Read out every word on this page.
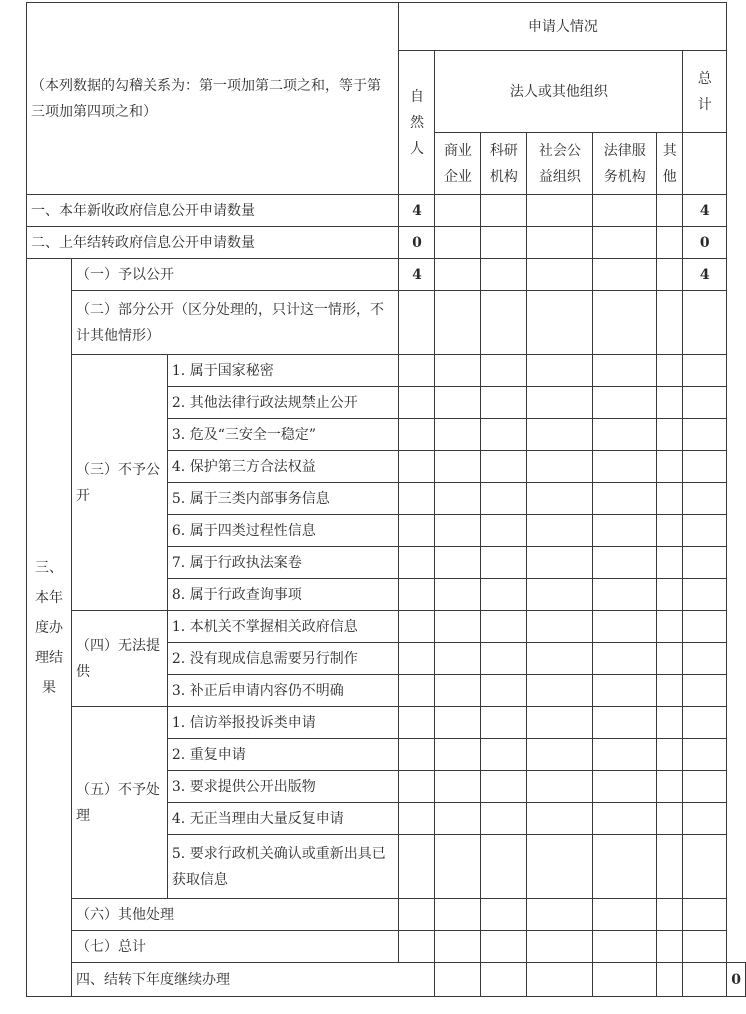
（本列数据的勾稽关系为：第一项加第二项之和，等于第三项加第四项之和）			申请人情况							
			自然人	法人或其他组织					总计	
				商业企业	科研机构	社会公益组织	法律服务机构	其他		
一、本年新收政府信息公开申请数量			4						4	
二、上年结转政府信息公开申请数量			0						0	
三、本年度办理结果	（一）予以公开		4						4	
	（二）部分公开（区分处理的，只计这一情形，不计其他情形）									
	（三）不予公开	1. 属于国家秘密								
		2. 其他法律行政法规禁止公开								
		3. 危及“三安全一稳定”								
		4. 保护第三方合法权益								
		5. 属于三类内部事务信息								
		6. 属于四类过程性信息								
		7. 属于行政执法案卷								
		8. 属于行政查询事项								
	（四）无法提供	1. 本机关不掌握相关政府信息								
		2. 没有现成信息需要另行制作								
		3. 补正后申请内容仍不明确								
	（五）不予处理	1. 信访举报投诉类申请								
		2. 重复申请								
		3. 要求提供公开出版物								
		4. 无正当理由大量反复申请								
		5. 要求行政机关确认或重新出具已获取信息								
	（六）其他处理									
	（七）总计									
	四、结转下年度继续办理									0
